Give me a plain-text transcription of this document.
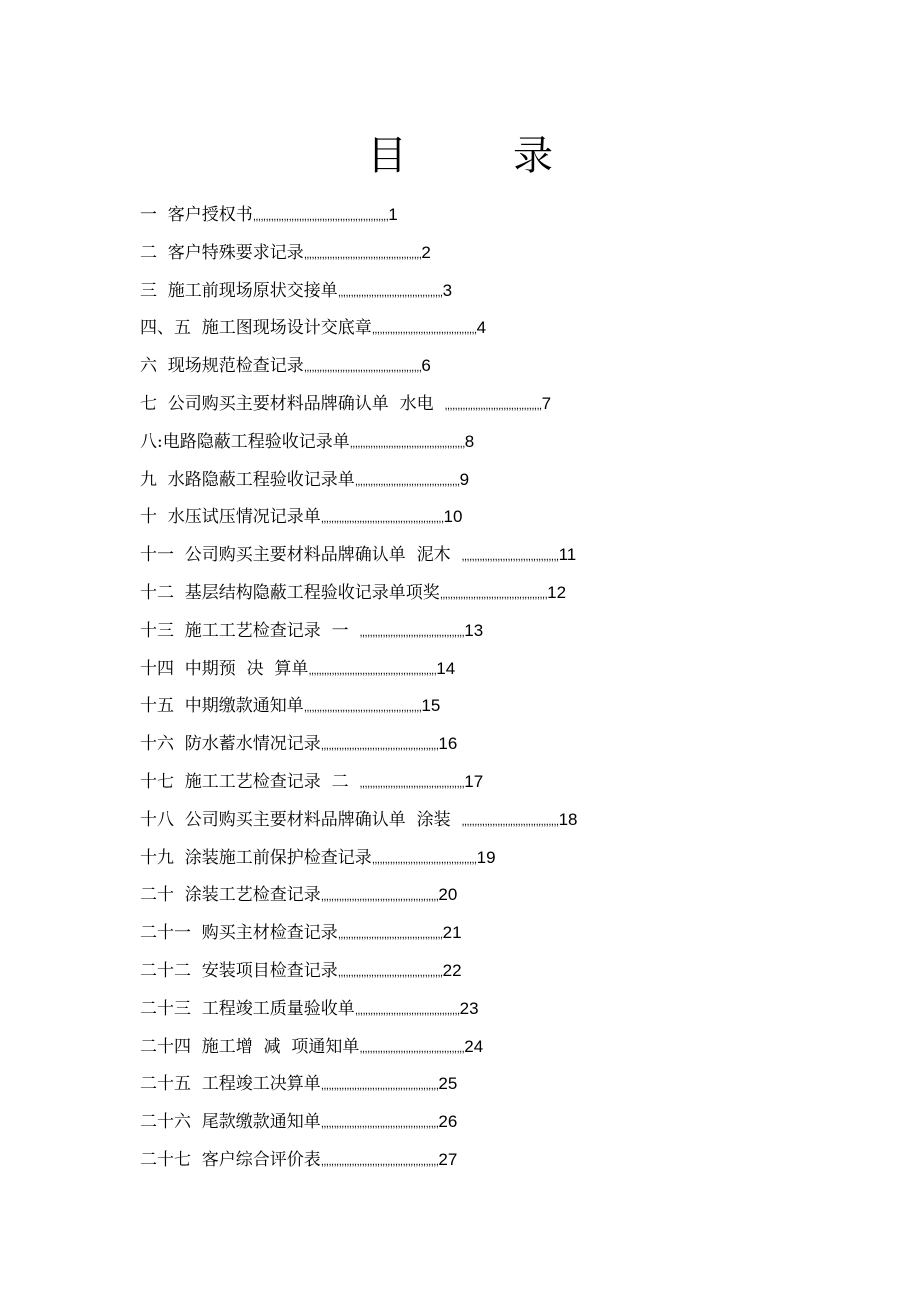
目	录
一  客户授权书,,,,,,,,,,,,,,,,,,,,,,,,,,,,,,,,,,,,,,,,,,,,,,,,,,,,,1
二  客户特殊要求记录,,,,,,,,,,,,,,,,,,,,,,,,,,,,,,,,,,,,,,,,,,,,,,2
三  施工前现场原状交接单,,,,,,,,,,,,,,,,,,,,,,,,,,,,,,,,,,,,,,,,,3
四、五  施工图现场设计交底章,,,,,,,,,,,,,,,,,,,,,,,,,,,,,,,,,,,,,,,,,4
六  现场规范检查记录,,,,,,,,,,,,,,,,,,,,,,,,,,,,,,,,,,,,,,,,,,,,,,6
七  公司购买主要材料品牌确认单  水电  ,,,,,,,,,,,,,,,,,,,,,,,,,,,,,,,,,,,,,,7
八:电路隐蔽工程验收记录单,,,,,,,,,,,,,,,,,,,,,,,,,,,,,,,,,,,,,,,,,,,,,8
九  水路隐蔽工程验收记录单,,,,,,,,,,,,,,,,,,,,,,,,,,,,,,,,,,,,,,,,,9
十  水压试压情况记录单,,,,,,,,,,,,,,,,,,,,,,,,,,,,,,,,,,,,,,,,,,,,,,,,10
十一  公司购买主要材料品牌确认单  泥木  ,,,,,,,,,,,,,,,,,,,,,,,,,,,,,,,,,,,,,,11
十二  基层结构隐蔽工程验收记录单项奖,,,,,,,,,,,,,,,,,,,,,,,,,,,,,,,,,,,,,,,,,,12
十三  施工工艺检查记录  一  ,,,,,,,,,,,,,,,,,,,,,,,,,,,,,,,,,,,,,,,,,13
十四  中期预  决  算单,,,,,,,,,,,,,,,,,,,,,,,,,,,,,,,,,,,,,,,,,,,,,,,,,,14
十五  中期缴款通知单,,,,,,,,,,,,,,,,,,,,,,,,,,,,,,,,,,,,,,,,,,,,,,15
十六  防水蓄水情况记录,,,,,,,,,,,,,,,,,,,,,,,,,,,,,,,,,,,,,,,,,,,,,,16
十七  施工工艺检查记录  二  ,,,,,,,,,,,,,,,,,,,,,,,,,,,,,,,,,,,,,,,,,17
十八  公司购买主要材料品牌确认单  涂装  ,,,,,,,,,,,,,,,,,,,,,,,,,,,,,,,,,,,,,,18
十九  涂装施工前保护检查记录,,,,,,,,,,,,,,,,,,,,,,,,,,,,,,,,,,,,,,,,,19
二十  涂装工艺检查记录,,,,,,,,,,,,,,,,,,,,,,,,,,,,,,,,,,,,,,,,,,,,,,20
二十一  购买主材检查记录,,,,,,,,,,,,,,,,,,,,,,,,,,,,,,,,,,,,,,,,,21
二十二  安装项目检查记录,,,,,,,,,,,,,,,,,,,,,,,,,,,,,,,,,,,,,,,,,22
二十三  工程竣工质量验收单,,,,,,,,,,,,,,,,,,,,,,,,,,,,,,,,,,,,,,,,,23
二十四  施工增  减  项通知单,,,,,,,,,,,,,,,,,,,,,,,,,,,,,,,,,,,,,,,,,24
二十五  工程竣工决算单,,,,,,,,,,,,,,,,,,,,,,,,,,,,,,,,,,,,,,,,,,,,,,25
二十六  尾款缴款通知单,,,,,,,,,,,,,,,,,,,,,,,,,,,,,,,,,,,,,,,,,,,,,,26
二十七  客户综合评价表,,,,,,,,,,,,,,,,,,,,,,,,,,,,,,,,,,,,,,,,,,,,,,27
